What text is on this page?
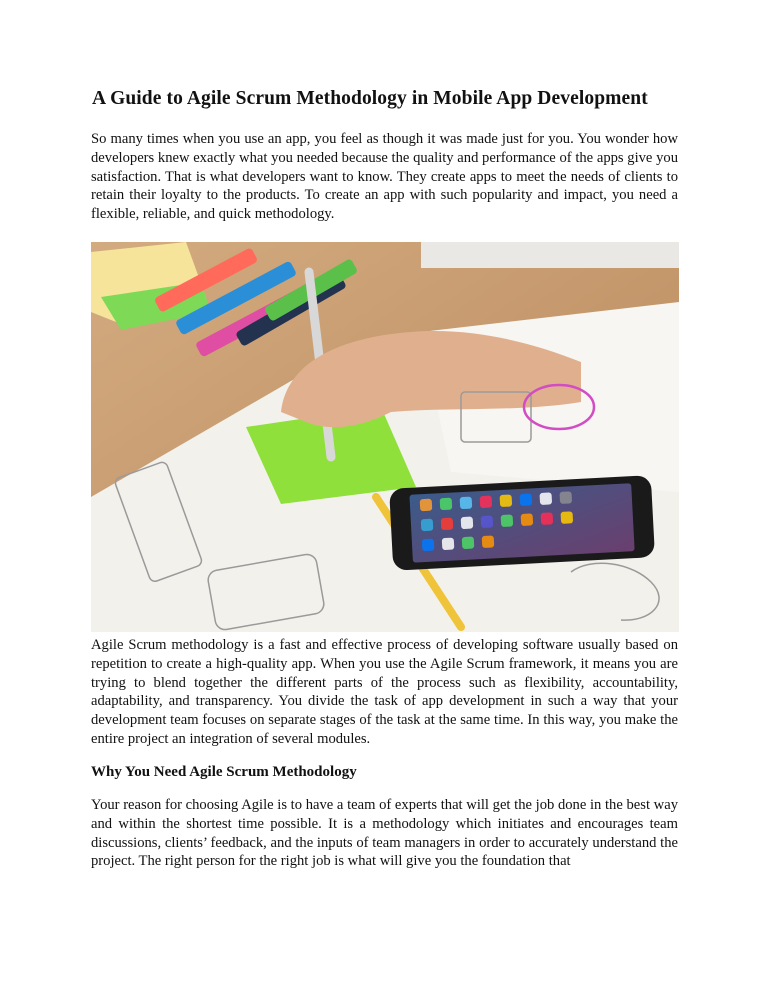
A Guide to Agile Scrum Methodology in Mobile App Development

So many times when you use an app, you feel as though it was made just for you. You wonder how developers knew exactly what you needed because the quality and performance of the apps give you satisfaction. That is what developers want to know. They create apps to meet the needs of clients to retain their loyalty to the products. To create an app with such popularity and impact, you need a flexible, reliable, and quick methodology.

Agile Scrum methodology is a fast and effective process of developing software usually based on repetition to create a high-quality app. When you use the Agile Scrum framework, it means you are trying to blend together the different parts of the process such as flexibility, accountability, adaptability, and transparency. You divide the task of app development in such a way that your development team focuses on separate stages of the task at the same time. In this way, you make the entire project an integration of several modules.

Why You Need Agile Scrum Methodology

Your reason for choosing Agile is to have a team of experts that will get the job done in the best way and within the shortest time possible. It is a methodology which initiates and encourages team discussions, clients’ feedback, and the inputs of team managers in order to accurately understand the project. The right person for the right job is what will give you the foundation that
